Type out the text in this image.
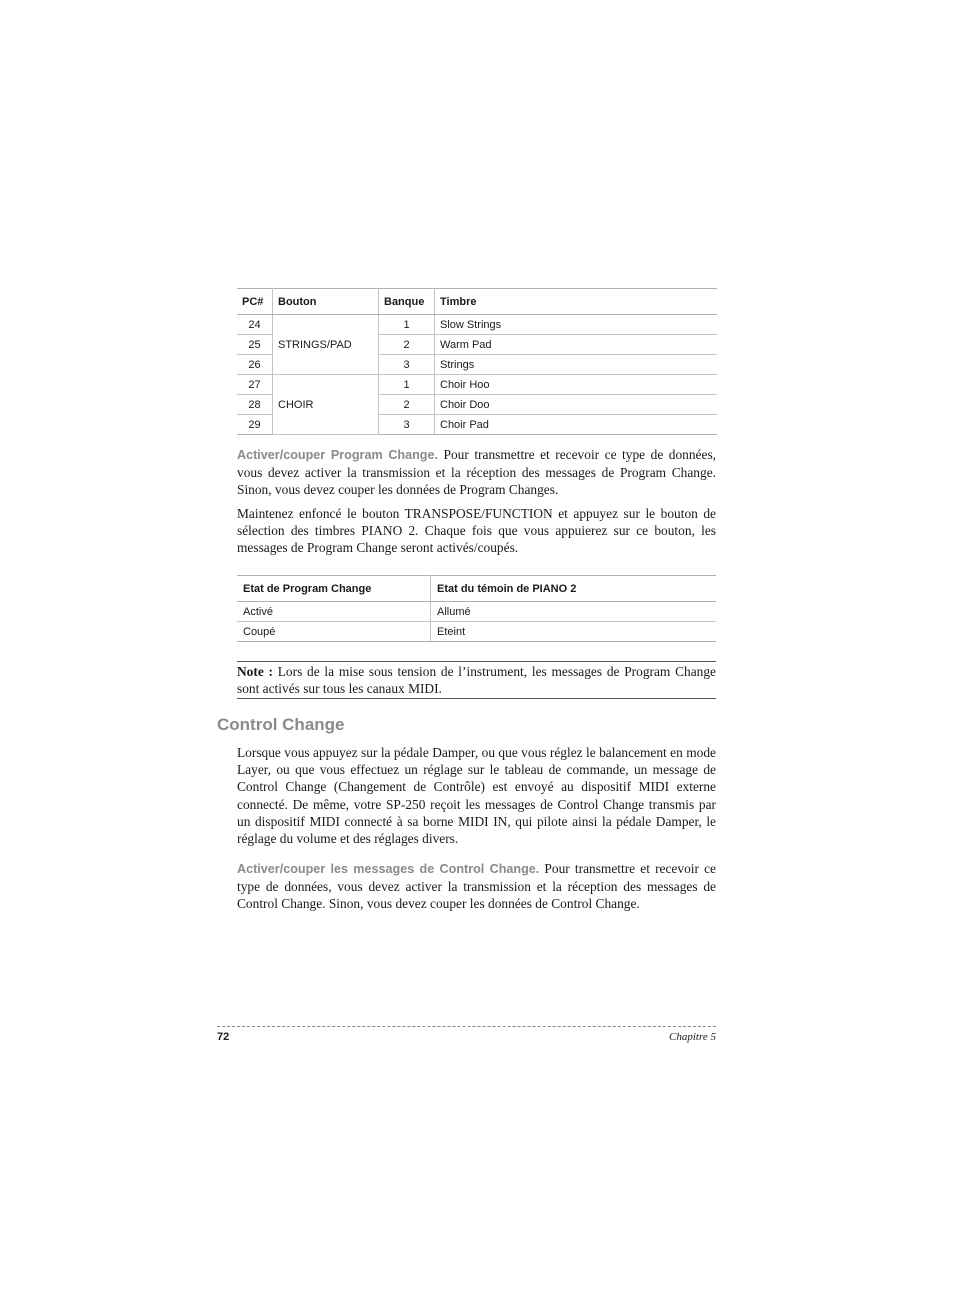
PC#	Bouton	Banque	Timbre
24	STRINGS/PAD	1	Slow Strings
25		2	Warm Pad
26		3	Strings
27	CHOIR	1	Choir Hoo
28		2	Choir Doo
29		3	Choir Pad

Activer/couper Program Change. Pour transmettre et recevoir ce type de données, vous devez activer la transmission et la réception des messages de Program Change. Sinon, vous devez couper les données de Program Changes.

Maintenez enfoncé le bouton TRANSPOSE/FUNCTION et appuyez sur le bouton de sélection des timbres PIANO 2. Chaque fois que vous appuierez sur ce bouton, les messages de Program Change seront activés/coupés.

Etat de Program Change	Etat du témoin de PIANO 2
Activé	Allumé
Coupé	Eteint
Note : Lors de la mise sous tension de l’instrument, les messages de Program Change sont activés sur tous les canaux MIDI.
Control Change

Lorsque vous appuyez sur la pédale Damper, ou que vous réglez le balancement en mode Layer, ou que vous effectuez un réglage sur le tableau de commande, un message de Control Change (Changement de Contrôle) est envoyé au dispositif MIDI externe connecté. De même, votre SP-250 reçoit les messages de Control Change transmis par un dispositif MIDI connecté à sa borne MIDI IN, qui pilote ainsi la pédale Damper, le réglage du volume et des réglages divers.

Activer/couper les messages de Control Change. Pour transmettre et recevoir ce type de données, vous devez activer la transmission et la réception des messages de Control Change. Sinon, vous devez couper les données de Control Change.

72	Chapitre 5
